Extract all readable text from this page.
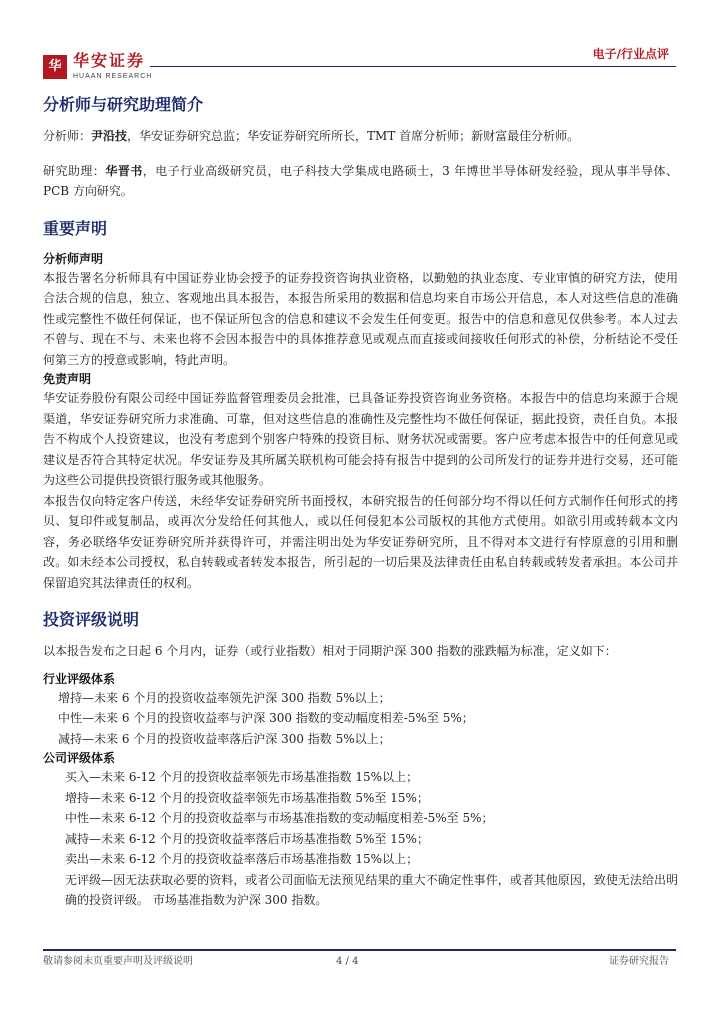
华 华安证券
HUAAN RESEARCH
电子/行业点评
分析师与研究助理简介

分析师：尹沿技，华安证券研究总监；华安证券研究所所长，TMT 首席分析师；新财富最佳分析师。

研究助理：华晋书，电子行业高级研究员，电子科技大学集成电路硕士，3 年博世半导体研发经验，现从事半导体、PCB 方向研究。

重要声明
分析师声明

本报告署名分析师具有中国证券业协会授予的证券投资咨询执业资格，以勤勉的执业态度、专业审慎的研究方法，使用合法合规的信息，独立、客观地出具本报告，本报告所采用的数据和信息均来自市场公开信息，本人对这些信息的准确性或完整性不做任何保证，也不保证所包含的信息和建议不会发生任何变更。报告中的信息和意见仅供参考。本人过去不曾与、现在不与、未来也将不会因本报告中的具体推荐意见或观点而直接或间接收任何形式的补偿，分析结论不受任何第三方的授意或影响，特此声明。

免责声明

华安证券股份有限公司经中国证券监督管理委员会批准，已具备证券投资咨询业务资格。本报告中的信息均来源于合规渠道，华安证券研究所力求准确、可靠，但对这些信息的准确性及完整性均不做任何保证，据此投资，责任自负。本报告不构成个人投资建议，也没有考虑到个别客户特殊的投资目标、财务状况或需要。客户应考虑本报告中的任何意见或建议是否符合其特定状况。华安证券及其所属关联机构可能会持有报告中提到的公司所发行的证券并进行交易，还可能为这些公司提供投资银行服务或其他服务。

本报告仅向特定客户传送，未经华安证券研究所书面授权，本研究报告的任何部分均不得以任何方式制作任何形式的拷贝、复印件或复制品，或再次分发给任何其他人，或以任何侵犯本公司版权的其他方式使用。如欲引用或转载本文内容，务必联络华安证券研究所并获得许可，并需注明出处为华安证券研究所，且不得对本文进行有悖原意的引用和删改。如未经本公司授权，私自转载或者转发本报告，所引起的一切后果及法律责任由私自转载或转发者承担。本公司并保留追究其法律责任的权利。

投资评级说明

以本报告发布之日起 6 个月内，证券（或行业指数）相对于同期沪深 300 指数的涨跌幅为标准，定义如下：

行业评级体系

增持—未来 6 个月的投资收益率领先沪深 300 指数 5%以上；

中性—未来 6 个月的投资收益率与沪深 300 指数的变动幅度相差-5%至 5%；

减持—未来 6 个月的投资收益率落后沪深 300 指数 5%以上；

公司评级体系

买入—未来 6-12 个月的投资收益率领先市场基准指数 15%以上；

增持—未来 6-12 个月的投资收益率领先市场基准指数 5%至 15%；

中性—未来 6-12 个月的投资收益率与市场基准指数的变动幅度相差-5%至 5%；

减持—未来 6-12 个月的投资收益率落后市场基准指数 5%至 15%；

卖出—未来 6-12 个月的投资收益率落后市场基准指数 15%以上；

无评级—因无法获取必要的资料，或者公司面临无法预见结果的重大不确定性事件，或者其他原因，致使无法给出明确的投资评级。 市场基准指数为沪深 300 指数。

敬请参阅末页重要声明及评级说明	4 / 4	证券研究报告
